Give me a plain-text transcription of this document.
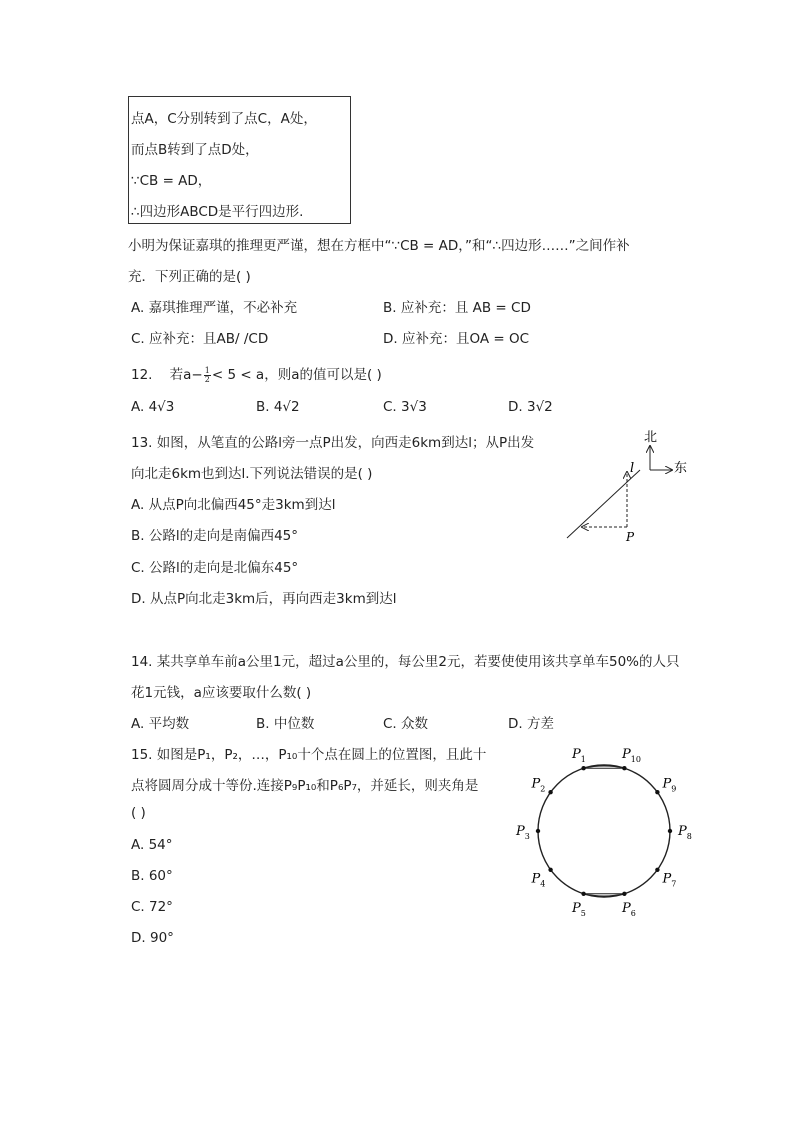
点A，C分别转到了点C，A处，
而点B转到了点D处，
∵CB = AD，
∴四边形ABCD是平行四边形.
小明为保证嘉琪的推理更严谨，想在方框中“∵CB = AD，”和“∴四边形……”之间作补
充．下列正确的是( )
A. 嘉琪推理严谨，不必补充	B. 应补充：且 AB = CD
C. 应补充：且AB/ /CD	D. 应补充：且OA = OC
12. 若$a- \frac{1}{2} < 5 < a$，则a的值可以是( )
A. 4√3	B. 4√2	C. 3√3	D. 3√2
13. 如图，从笔直的公路l旁一点P出发，向西走6km到达l；从P出发
向北走6km也到达l.下列说法错误的是( )
A. 从点P向北偏西45°走3km到达l
B. 公路l的走向是南偏西45°
C. 公路l的走向是北偏东45°
D. 从点P向北走3km后，再向西走3km到达l
北
东
l
P
14. 某共享单车前a公里1元，超过a公里的，每公里2元，若要使使用该共享单车50%的人只
花1元钱，a应该要取什么数( )
A. 平均数	B. 中位数	C. 众数	D. 方差
15. 如图是P₁，P₂，…，P₁₀十个点在圆上的位置图，且此十
点将圆周分成十等份.连接P₉P₁₀和P₆P₇，并延长，则夹角是
( )
A. 54°
B. 60°
C. 72°
D. 90°
$P_1$
$P_2$
$P_3$
$P_4$
$P_5$	$P_6$
$P_7$
$P_8$
$P_9$
$P_{10}$
